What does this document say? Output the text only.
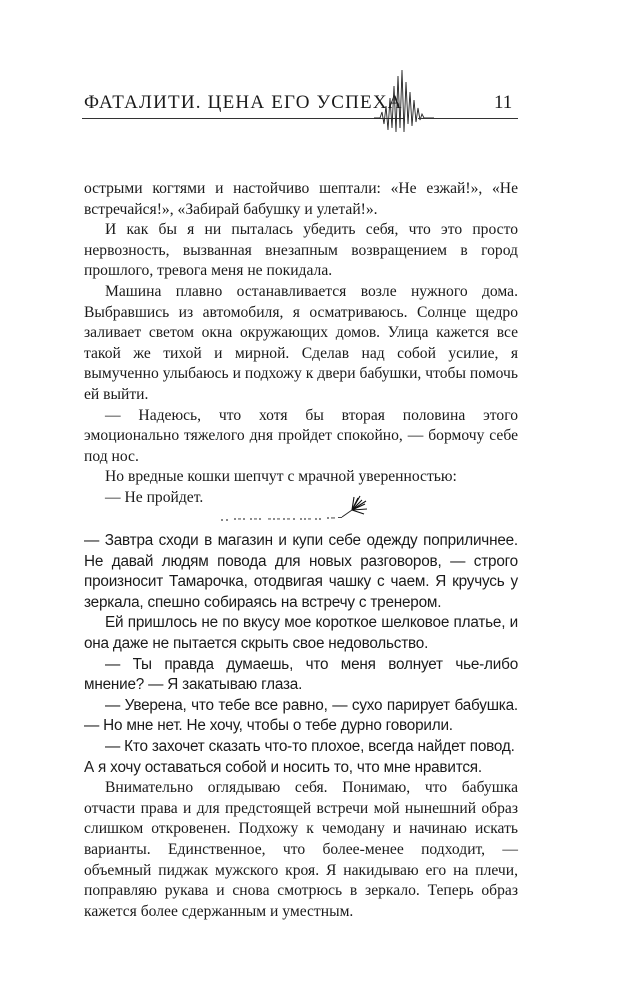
ФАТАЛИТИ. ЦЕНА ЕГО УСПЕХА	11

острыми когтями и настойчиво шептали: «Не езжай!», «Не встречайся!», «Забирай бабушку и улетай!».

И как бы я ни пыталась убедить себя, что это просто нервозность, вызванная внезапным возвращением в город прошлого, тревога меня не покидала.

Машина плавно останавливается возле нужного дома. Выбравшись из автомобиля, я осматриваюсь. Солнце щедро заливает светом окна окружающих домов. Улица кажется все такой же тихой и мирной. Сделав над собой усилие, я вымученно улыбаюсь и подхожу к двери бабушки, чтобы помочь ей выйти.

— Надеюсь, что хотя бы вторая половина этого эмоционально тяжелого дня пройдет спокойно, — бормочу себе под нос.

Но вредные кошки шепчут с мрачной уверенностью:

— Не пройдет.

— Завтра сходи в магазин и купи себе одежду поприличнее. Не давай людям повода для новых разговоров, — строго произносит Тамарочка, отодвигая чашку с чаем. Я кручусь у зеркала, спешно собираясь на встречу с тренером.

Ей пришлось не по вкусу мое короткое шелковое платье, и она даже не пытается скрыть свое недовольство.

— Ты правда думаешь, что меня волнует чье-либо мнение? — Я закатываю глаза.

— Уверена, что тебе все равно, — сухо парирует бабушка. — Но мне нет. Не хочу, чтобы о тебе дурно говорили.

— Кто захочет сказать что-то плохое, всегда найдет повод.

А я хочу оставаться собой и носить то, что мне нравится.

Внимательно оглядываю себя. Понимаю, что бабушка отчасти права и для предстоящей встречи мой нынешний образ слишком откровенен. Подхожу к чемодану и начинаю искать варианты. Единственное, что более-менее подходит, — объемный пиджак мужского кроя. Я накидываю его на плечи, поправляю рукава и снова смотрюсь в зеркало. Теперь образ кажется более сдержанным и уместным.
